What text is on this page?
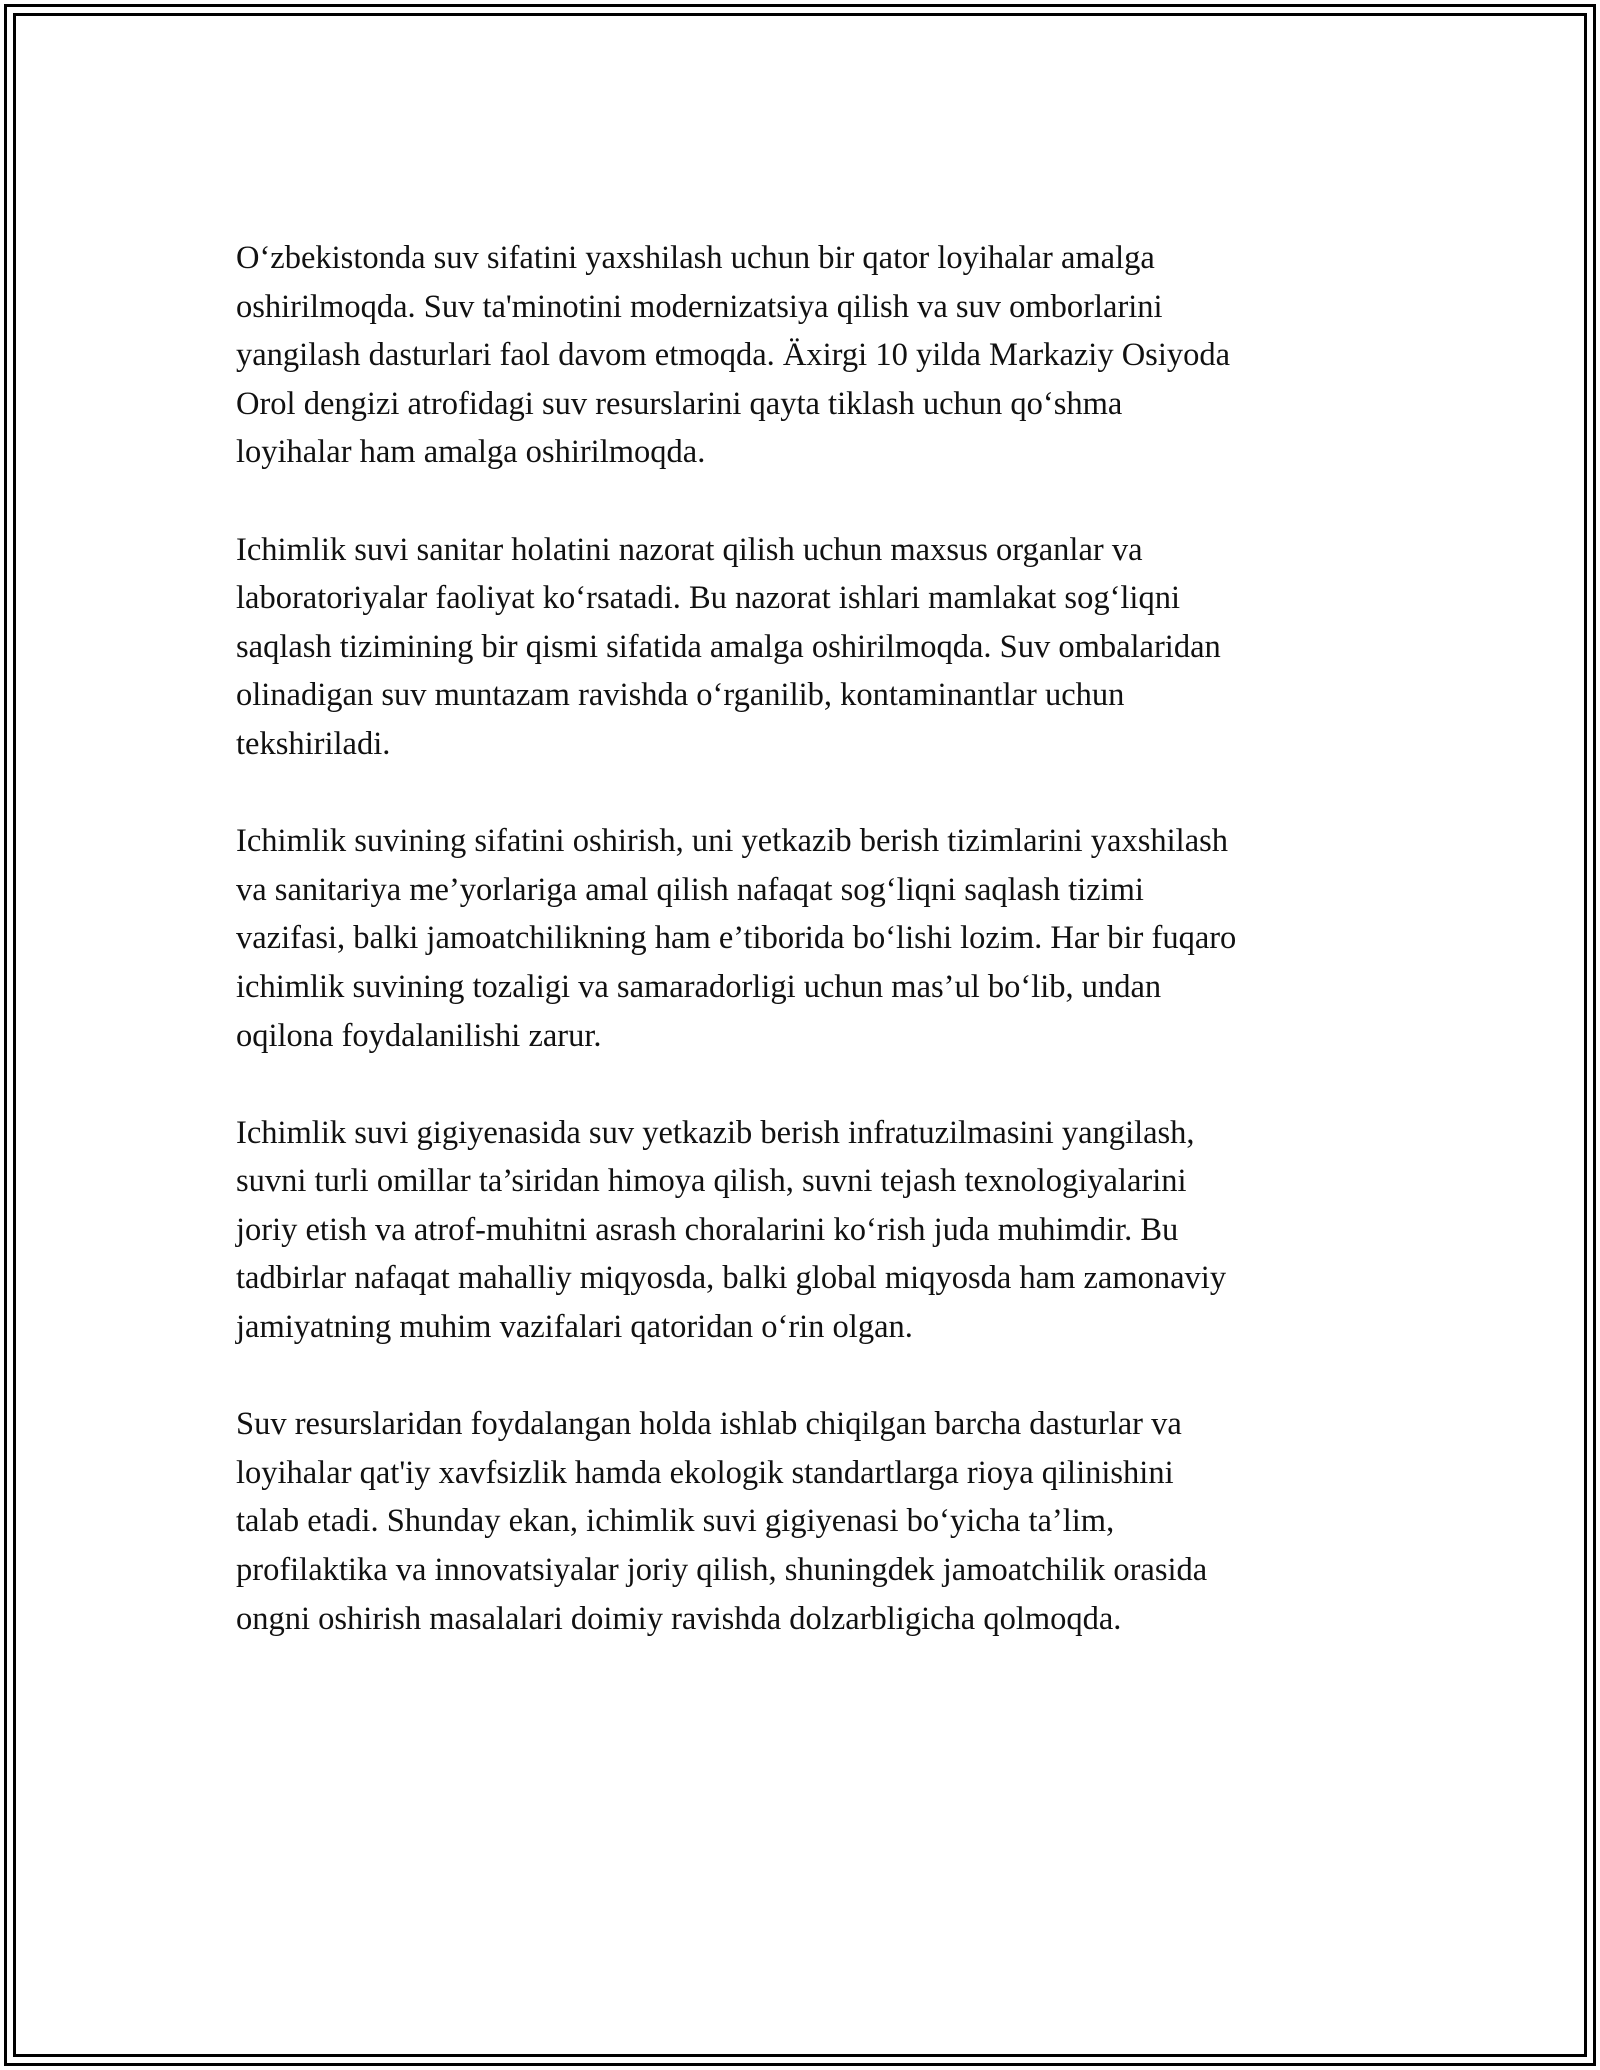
O‘zbekistonda suv sifatini yaxshilash uchun bir qator loyihalar amalga
oshirilmoqda. Suv ta'minotini modernizatsiya qilish va suv omborlarini
yangilash dasturlari faol davom etmoqda. Äxirgi 10 yilda Markaziy Osiyoda
Orol dengizi atrofidagi suv resurslarini qayta tiklash uchun qo‘shma
loyihalar ham amalga oshirilmoqda.

Ichimlik suvi sanitar holatini nazorat qilish uchun maxsus organlar va
laboratoriyalar faoliyat ko‘rsatadi. Bu nazorat ishlari mamlakat sog‘liqni
saqlash tizimining bir qismi sifatida amalga oshirilmoqda. Suv ombalaridan
olinadigan suv muntazam ravishda o‘rganilib, kontaminantlar uchun
tekshiriladi.

Ichimlik suvining sifatini oshirish, uni yetkazib berish tizimlarini yaxshilash
va sanitariya me’yorlariga amal qilish nafaqat sog‘liqni saqlash tizimi
vazifasi, balki jamoatchilikning ham e’tiborida bo‘lishi lozim. Har bir fuqaro
ichimlik suvining tozaligi va samaradorligi uchun mas’ul bo‘lib, undan
oqilona foydalanilishi zarur.

Ichimlik suvi gigiyenasida suv yetkazib berish infratuzilmasini yangilash,
suvni turli omillar ta’siridan himoya qilish, suvni tejash texnologiyalarini
joriy etish va atrof-muhitni asrash choralarini ko‘rish juda muhimdir. Bu
tadbirlar nafaqat mahalliy miqyosda, balki global miqyosda ham zamonaviy
jamiyatning muhim vazifalari qatoridan o‘rin olgan.

Suv resurslaridan foydalangan holda ishlab chiqilgan barcha dasturlar va
loyihalar qat'iy xavfsizlik hamda ekologik standartlarga rioya qilinishini
talab etadi. Shunday ekan, ichimlik suvi gigiyenasi bo‘yicha ta’lim,
profilaktika va innovatsiyalar joriy qilish, shuningdek jamoatchilik orasida
ongni oshirish masalalari doimiy ravishda dolzarbligicha qolmoqda.
